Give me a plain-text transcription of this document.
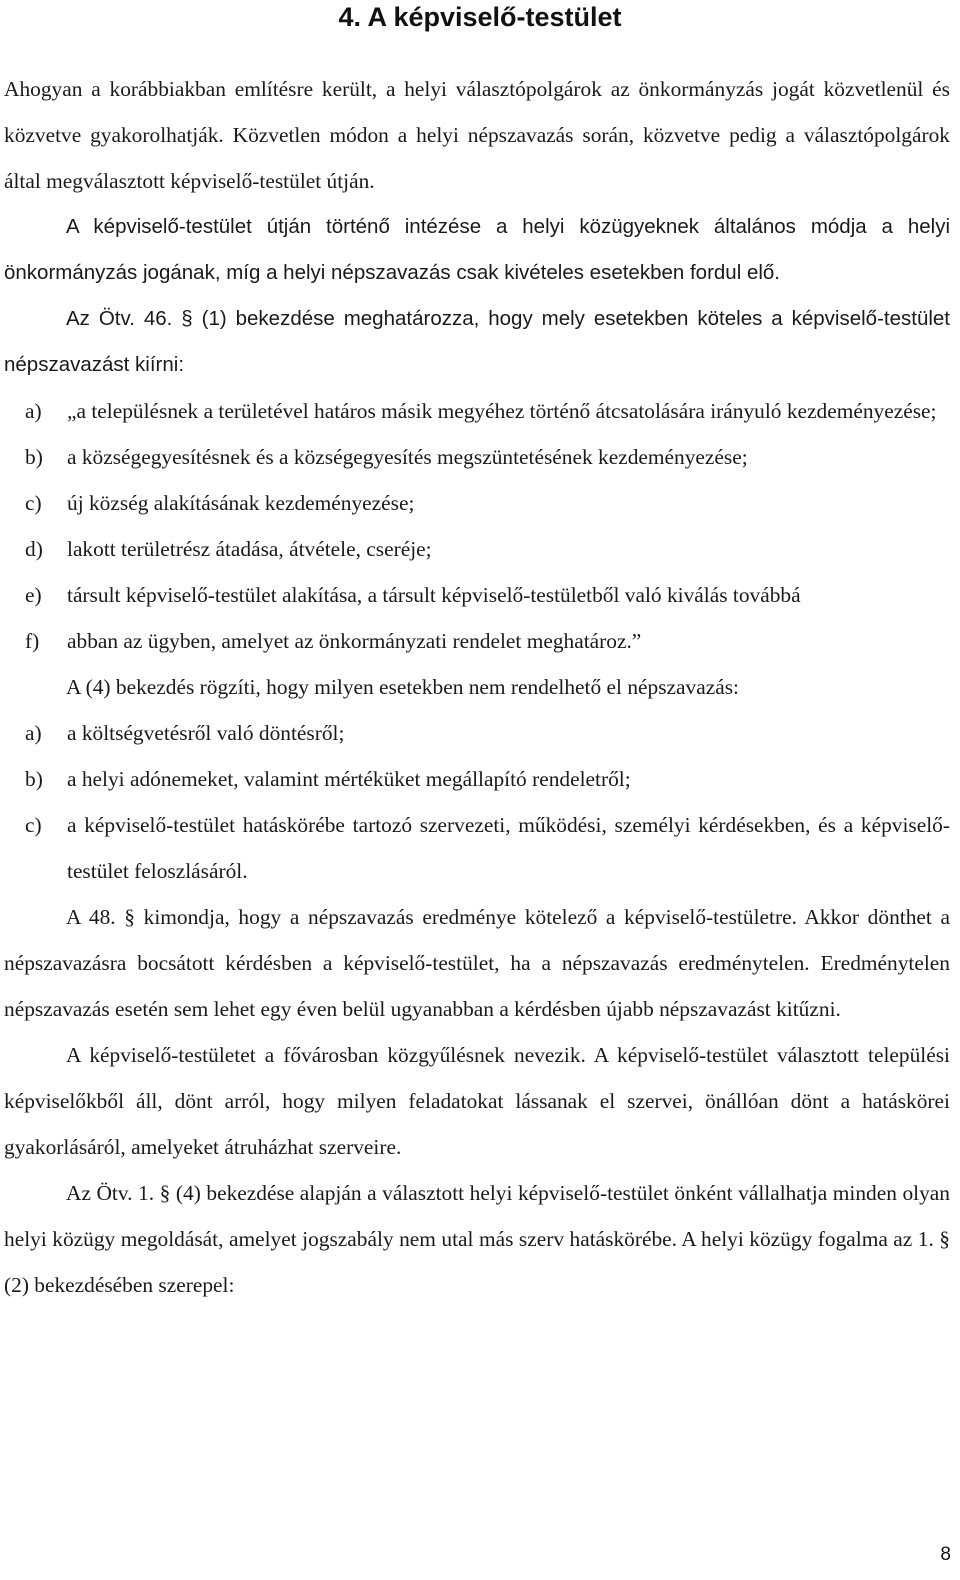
4. A képviselő-testület

Ahogyan a korábbiakban említésre került, a helyi választópolgárok az önkormányzás jogát közvetlenül és közvetve gyakorolhatják. Közvetlen módon a helyi népszavazás során, közvetve pedig a választópolgárok által megválasztott képviselő-testület útján.

A képviselő-testület útján történő intézése a helyi közügyeknek általános módja a helyi önkormányzás jogának, míg a helyi népszavazás csak kivételes esetekben fordul elő.

Az Ötv. 46. § (1) bekezdése meghatározza, hogy mely esetekben köteles a képviselő-testület népszavazást kiírni:

a)	„a településnek a területével határos másik megyéhez történő átcsatolására irányuló kezdeményezése;
b)	a községegyesítésnek és a községegyesítés megszüntetésének kezdeményezése;
c)	új község alakításának kezdeményezése;
d)	lakott területrész átadása, átvétele, cseréje;
e)	társult képviselő-testület alakítása, a társult képviselő-testületből való kiválás továbbá
f)	abban az ügyben, amelyet az önkormányzati rendelet meghatároz.”

A (4) bekezdés rögzíti, hogy milyen esetekben nem rendelhető el népszavazás:

a)	a költségvetésről való döntésről;
b)	a helyi adónemeket, valamint mértéküket megállapító rendeletről;
c)	a képviselő-testület hatáskörébe tartozó szervezeti, működési, személyi kérdésekben, és a képviselő-testület feloszlásáról.

A 48. § kimondja, hogy a népszavazás eredménye kötelező a képviselő-testületre. Akkor dönthet a népszavazásra bocsátott kérdésben a képviselő-testület, ha a népszavazás eredménytelen. Eredménytelen népszavazás esetén sem lehet egy éven belül ugyanabban a kérdésben újabb népszavazást kitűzni.

A képviselő-testületet a fővárosban közgyűlésnek nevezik. A képviselő-testület választott települési képviselőkből áll, dönt arról, hogy milyen feladatokat lássanak el szervei, önállóan dönt a hatáskörei gyakorlásáról, amelyeket átruházhat szerveire.

Az Ötv. 1. § (4) bekezdése alapján a választott helyi képviselő-testület önként vállalhatja minden olyan helyi közügy megoldását, amelyet jogszabály nem utal más szerv hatáskörébe. A helyi közügy fogalma az 1. § (2) bekezdésében szerepel:

8
